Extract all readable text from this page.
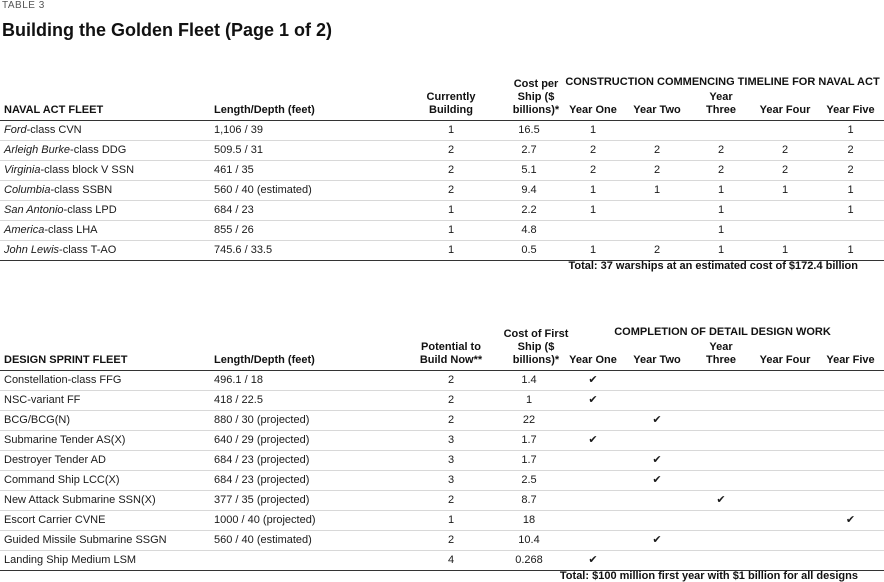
TABLE 3
Building the Golden Fleet (Page 1 of 2)
				CONSTRUCTION COMMENCING TIMELINE FOR NAVAL ACT				
NAVAL ACT FLEET	Length/Depth (feet)	Currently Building	Cost per Ship ($ billions)*	Year One	Year Two	Year Three	Year Four	Year Five
Ford-class CVN	1,106 / 39	1	16.5	1				1
Arleigh Burke-class DDG	509.5 / 31	2	2.7	2	2	2	2	2
Virginia-class block V SSN	461 / 35	2	5.1	2	2	2	2	2
Columbia-class SSBN	560 / 40 (estimated)	2	9.4	1	1	1	1	1
San Antonio-class LPD	684 / 23	1	2.2	1		1		1
America-class LHA	855 / 26	1	4.8			1		
John Lewis-class T-AO	745.6 / 33.5	1	0.5	1	2	1	1	1
Total: 37 warships at an estimated cost of $172.4 billion
				COMPLETION OF DETAIL DESIGN WORK				
DESIGN SPRINT FLEET	Length/Depth (feet)	Potential to Build Now**	Cost of First Ship ($ billions)*	Year One	Year Two	Year Three	Year Four	Year Five
Constellation-class FFG	496.1 / 18	2	1.4	✔				
NSC-variant FF	418 / 22.5	2	1	✔				
BCG/BCG(N)	880 / 30 (projected)	2	22		✔			
Submarine Tender AS(X)	640 / 29 (projected)	3	1.7	✔				
Destroyer Tender AD	684 / 23 (projected)	3	1.7		✔			
Command Ship LCC(X)	684 / 23 (projected)	3	2.5		✔			
New Attack Submarine SSN(X)	377 / 35 (projected)	2	8.7			✔		
Escort Carrier CVNE	1000 / 40 (projected)	1	18					✔
Guided Missile Submarine SSGN	560 / 40 (estimated)	2	10.4		✔			
Landing Ship Medium LSM		4	0.268	✔				
Total: $100 million first year with $1 billion for all designs
